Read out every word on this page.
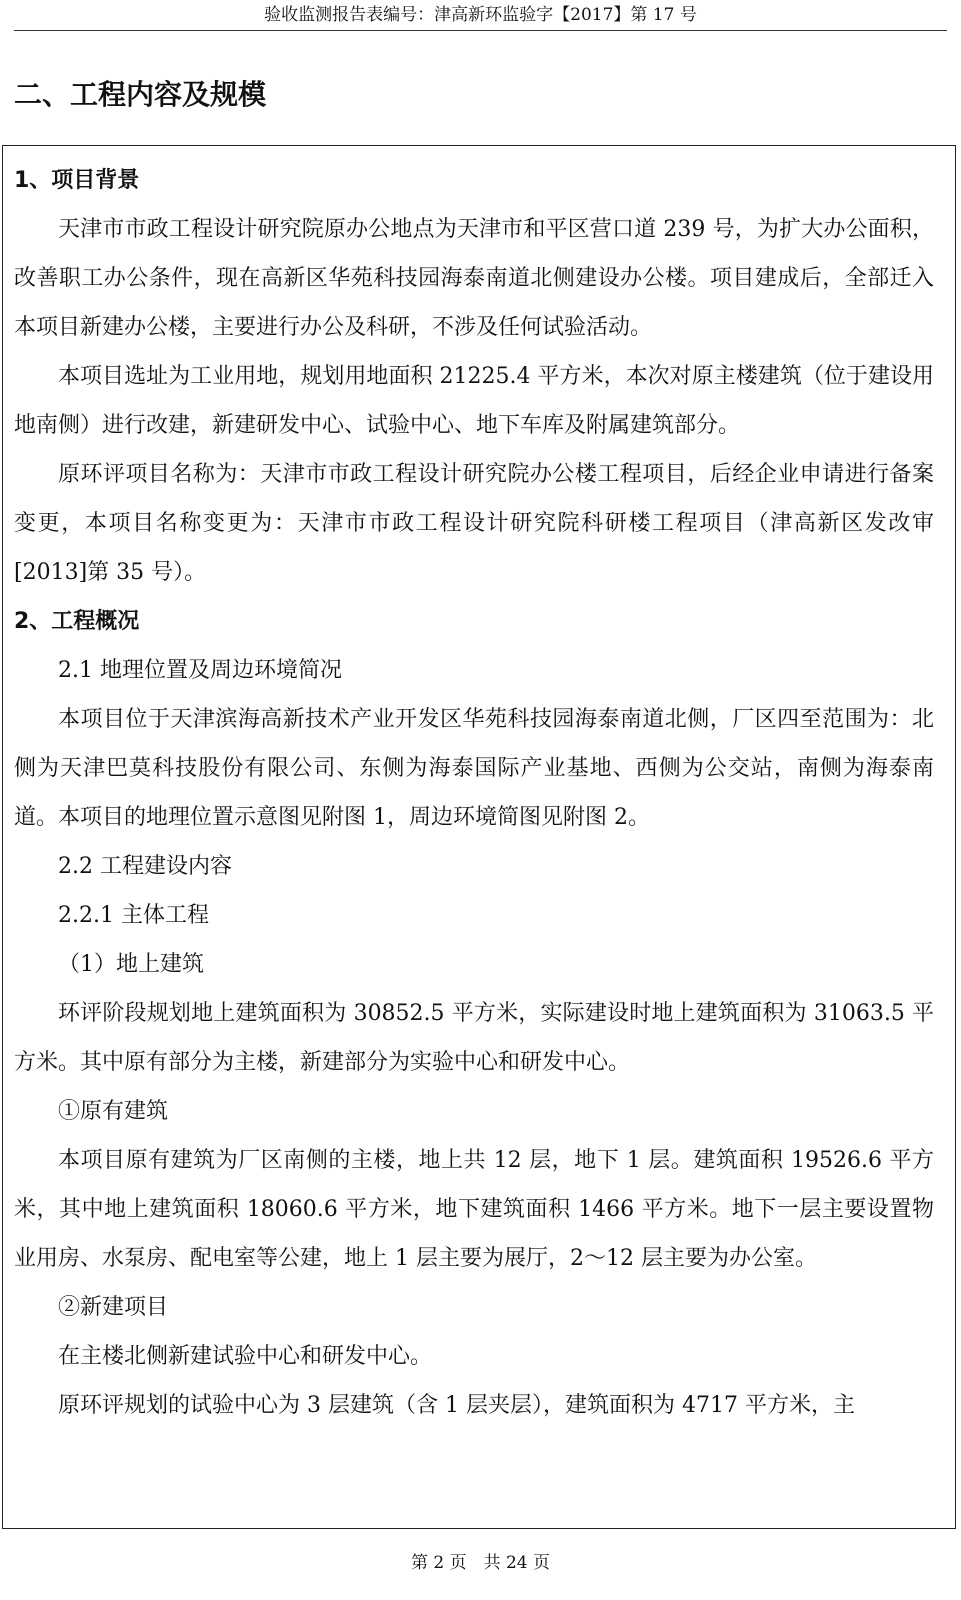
验收监测报告表编号：津高新环监验字【2017】第 17 号
二、工程内容及规模

1、项目背景

天津市市政工程设计研究院原办公地点为天津市和平区营口道 239 号，为扩大办公面积，改善职工办公条件，现在高新区华苑科技园海泰南道北侧建设办公楼。项目建成后，全部迁入本项目新建办公楼，主要进行办公及科研，不涉及任何试验活动。

本项目选址为工业用地，规划用地面积 21225.4 平方米，本次对原主楼建筑（位于建设用地南侧）进行改建，新建研发中心、试验中心、地下车库及附属建筑部分。

原环评项目名称为：天津市市政工程设计研究院办公楼工程项目，后经企业申请进行备案变更，本项目名称变更为：天津市市政工程设计研究院科研楼工程项目（津高新区发改审[2013]第 35 号）。

2、工程概况

2.1 地理位置及周边环境简况

本项目位于天津滨海高新技术产业开发区华苑科技园海泰南道北侧，厂区四至范围为：北侧为天津巴莫科技股份有限公司、东侧为海泰国际产业基地、西侧为公交站，南侧为海泰南道。本项目的地理位置示意图见附图 1，周边环境简图见附图 2。

2.2 工程建设内容

2.2.1 主体工程

（1）地上建筑

环评阶段规划地上建筑面积为 30852.5 平方米，实际建设时地上建筑面积为 31063.5 平方米。其中原有部分为主楼，新建部分为实验中心和研发中心。

①原有建筑

本项目原有建筑为厂区南侧的主楼，地上共 12 层，地下 1 层。建筑面积 19526.6 平方米，其中地上建筑面积 18060.6 平方米，地下建筑面积 1466 平方米。地下一层主要设置物业用房、水泵房、配电室等公建，地上 1 层主要为展厅，2～12 层主要为办公室。

②新建项目

在主楼北侧新建试验中心和研发中心。

原环评规划的试验中心为 3 层建筑（含 1 层夹层），建筑面积为 4717 平方米，主

第 2 页　共 24 页
